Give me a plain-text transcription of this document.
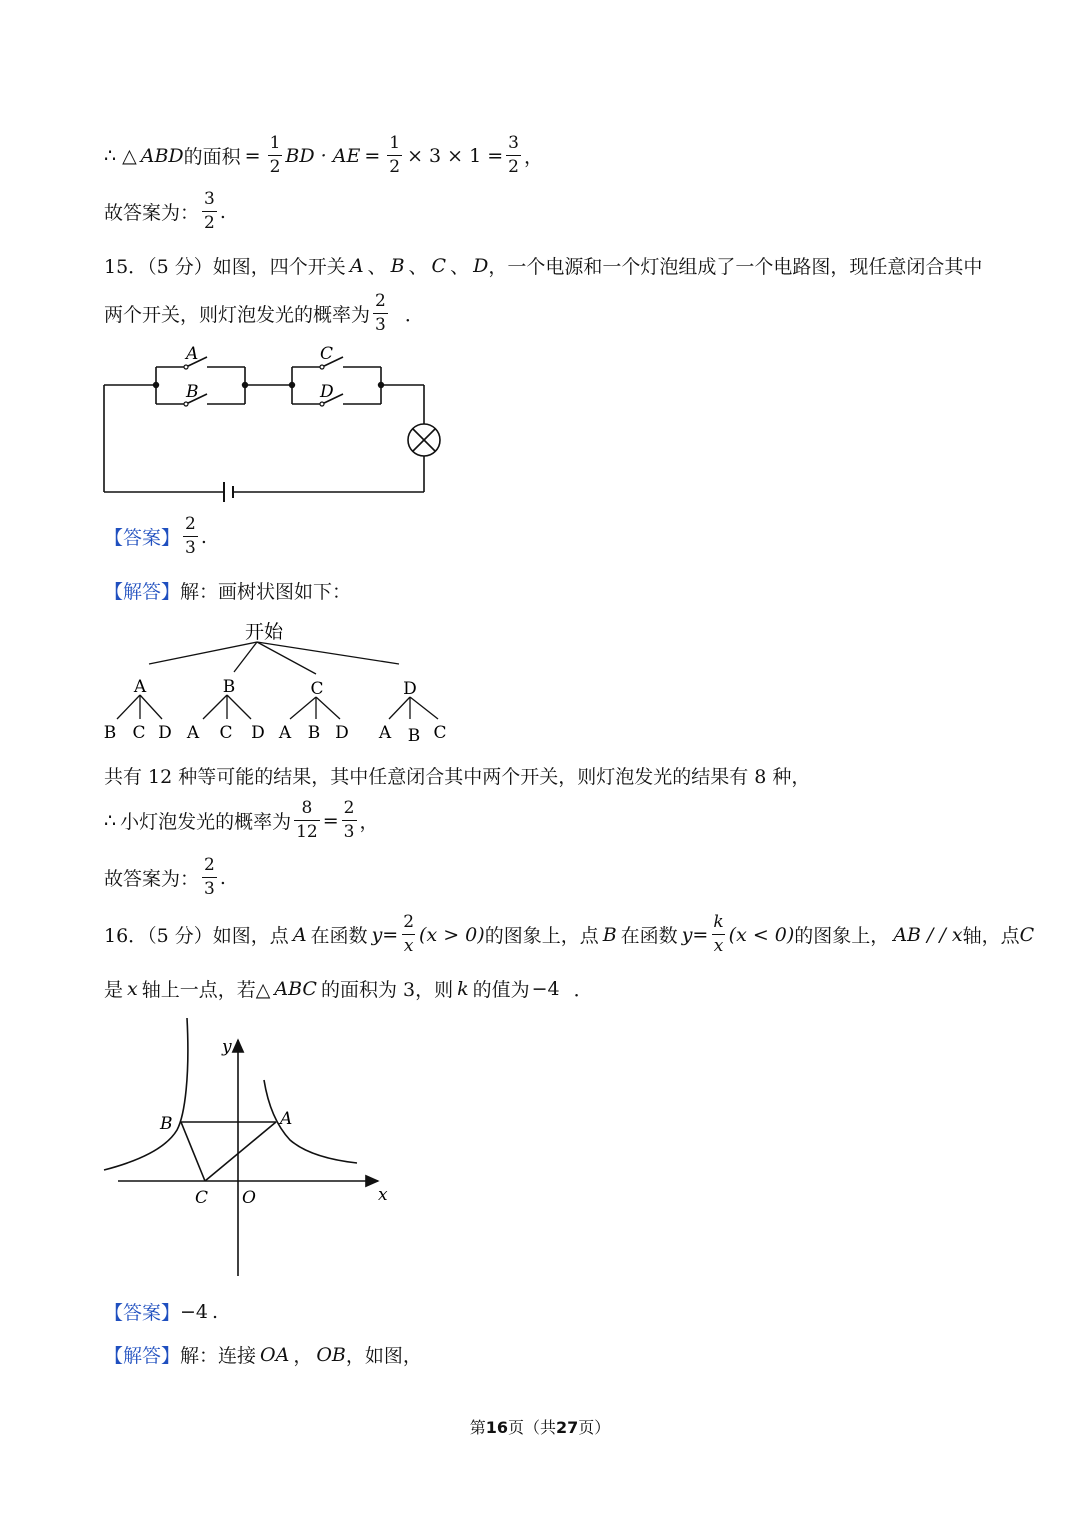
∴ △ ABD 的面积 = $\frac{1}{2}$ BD · AE = $\frac{1}{2} \times 3 \times 1 = \frac{3}{2}$ ，
故答案为： $\frac{3}{2}$ .
15．（5 分）如图，四个开关 A 、 B 、 C 、 D ，一个电源和一个灯泡组成了一个电路图，现任意闭合其中
两个开关，则灯泡发光的概率为 $\frac{2}{3}$ ．
A
B
C
D
【答案】 $\frac{2}{3}$ .
【解答】 解：画树状图如下：
开始
A	B	C	D
B C D A C D A B D A B C
共有 12 种等可能的结果，其中任意闭合其中两个开关，则灯泡发光的结果有 8 种，
∴ 小灯泡发光的概率为 $\frac{8}{12} = \frac{2}{3}$ ，
故答案为： $\frac{2}{3}$ .
16．（5 分）如图，点 A 在函数 $y = \frac{2}{x} (x > 0)$ 的图象上，点 B 在函数 $y = \frac{k}{x} (x < 0)$ 的图象上， AB / / x 轴，点 C
是 x 轴上一点，若△ ABC 的面积为 3，则 k 的值为 −4 ．
y
x
O
A
B
C
【答案】 −4 .
【解答】 解：连接 OA ， OB ，如图，
第16页（共27页）
